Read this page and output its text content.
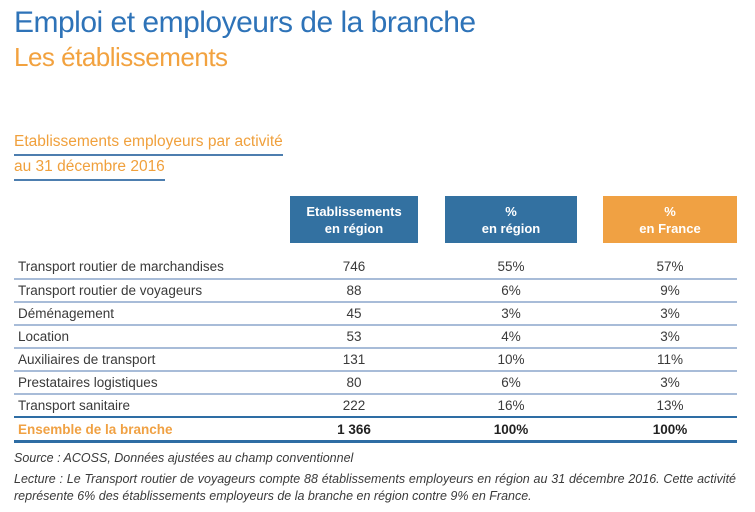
Emploi et employeurs de la branche
Les établissements
Etablissements employeurs par activité
au 31 décembre 2016
Etablissements
en région
%
en région
%
en France
Transport routier de marchandises	746	55%	57%
Transport routier de voyageurs	88	6%	9%
Déménagement	45	3%	3%
Location	53	4%	3%
Auxiliaires de transport	131	10%	11%
Prestataires logistiques	80	6%	3%
Transport sanitaire	222	16%	13%
Ensemble de la branche	1 366	100%	100%
Source : ACOSS, Données ajustées au champ conventionnel
Lecture : Le Transport routier de voyageurs compte 88 établissements employeurs en région au 31 décembre 2016. Cette activité représente 6% des établissements employeurs de la branche en région contre 9% en France.
